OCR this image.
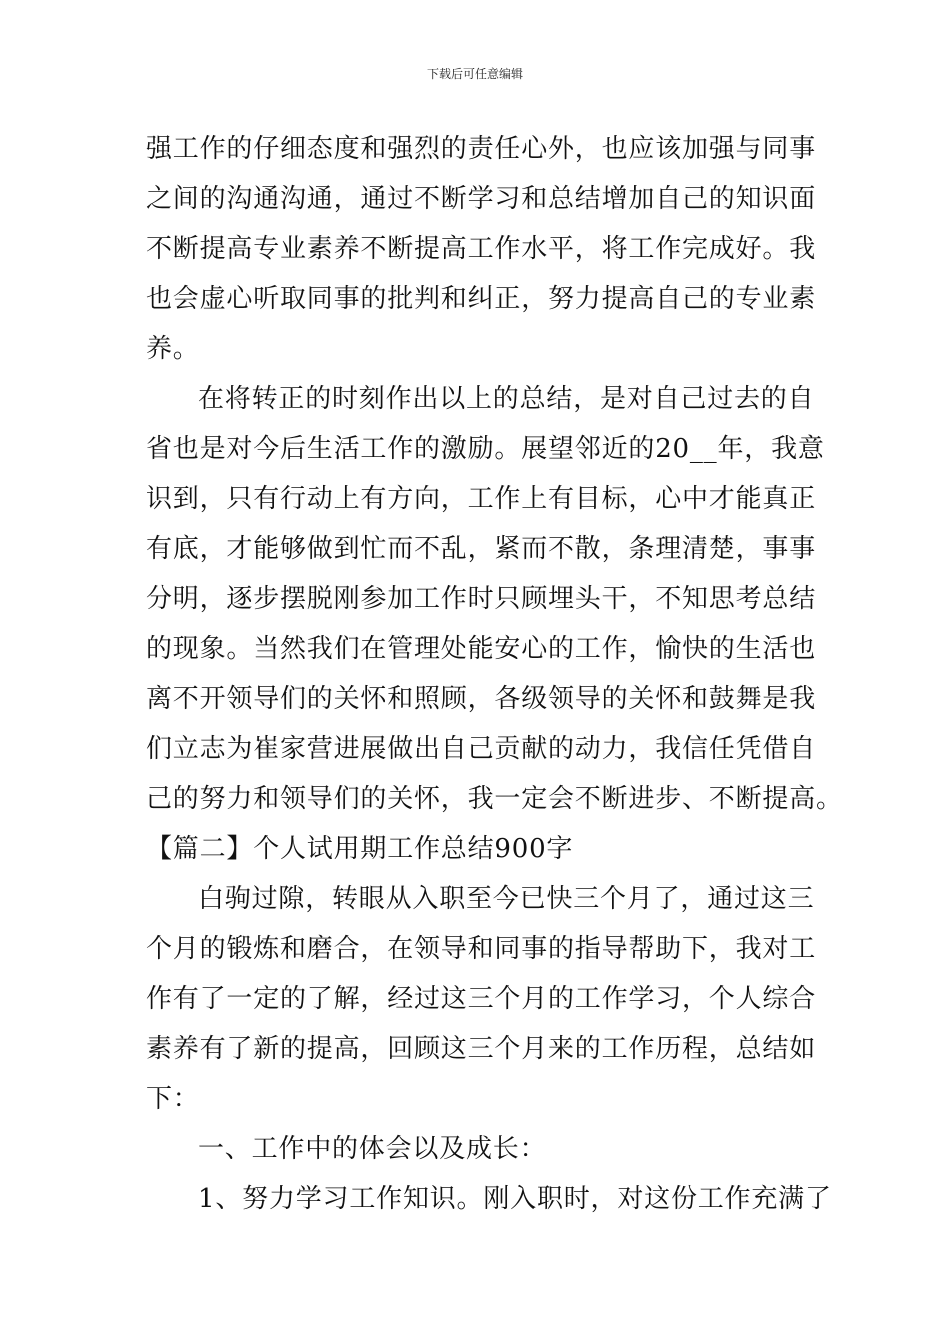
下载后可任意编辑
强工作的仔细态度和强烈的责任心外，也应该加强与同事
之间的沟通沟通，通过不断学习和总结增加自己的知识面
不断提高专业素养不断提高工作水平，将工作完成好。我
也会虚心听取同事的批判和纠正，努力提高自己的专业素
养。
在将转正的时刻作出以上的总结，是对自己过去的自
省也是对今后生活工作的激励。展望邻近的20__年，我意
识到，只有行动上有方向，工作上有目标，心中才能真正
有底，才能够做到忙而不乱，紧而不散，条理清楚，事事
分明，逐步摆脱刚参加工作时只顾埋头干，不知思考总结
的现象。当然我们在管理处能安心的工作，愉快的生活也
离不开领导们的关怀和照顾，各级领导的关怀和鼓舞是我
们立志为崔家营进展做出自己贡献的动力，我信任凭借自
己的努力和领导们的关怀，我一定会不断进步、不断提高。
【篇二】个人试用期工作总结900字
白驹过隙，转眼从入职至今已快三个月了，通过这三
个月的锻炼和磨合，在领导和同事的指导帮助下，我对工
作有了一定的了解，经过这三个月的工作学习，个人综合
素养有了新的提高，回顾这三个月来的工作历程，总结如
下：
一、工作中的体会以及成长：
1、努力学习工作知识。刚入职时，对这份工作充满了
